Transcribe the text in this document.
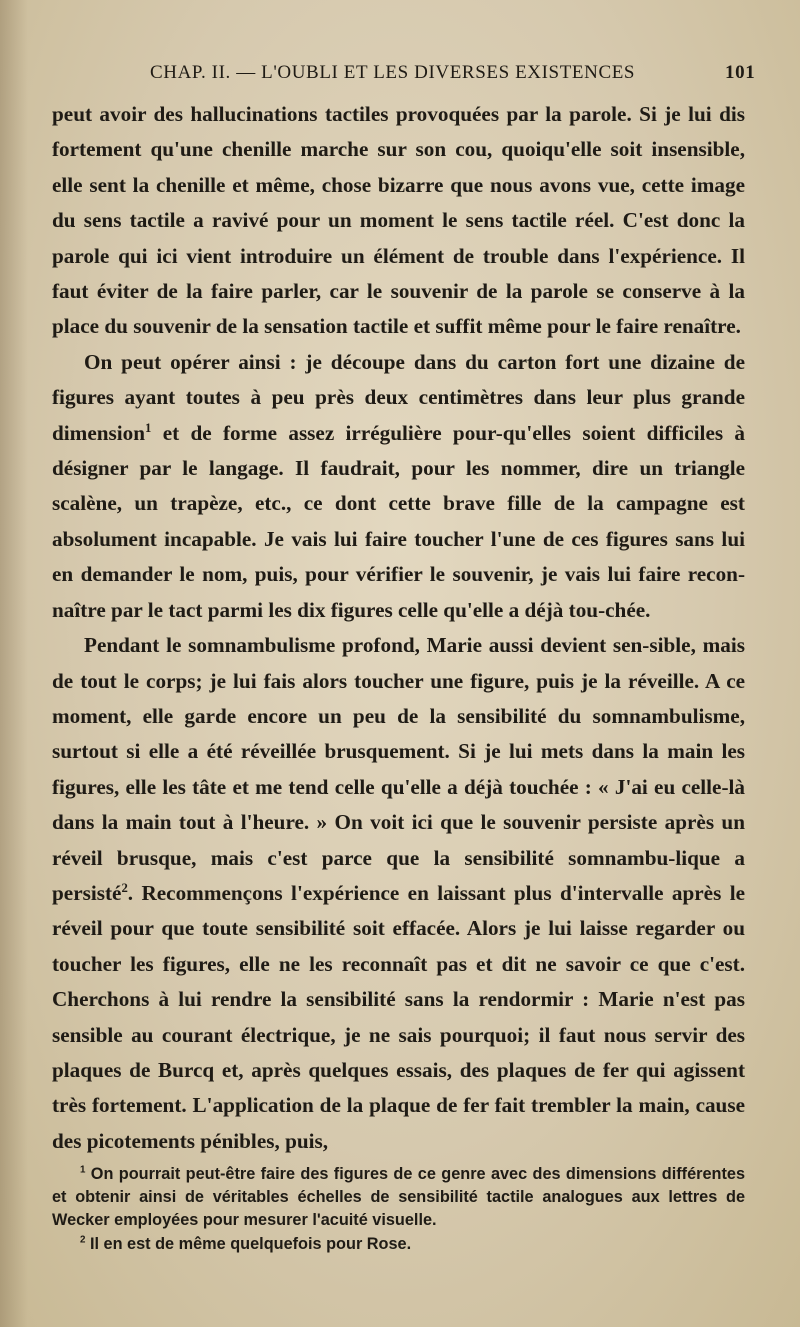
CHAP. II. — L'OUBLI ET LES DIVERSES EXISTENCES	101

peut avoir des hallucinations tactiles provoquées par la parole. Si je lui dis fortement qu'une chenille marche sur son cou, quoiqu'elle soit insensible, elle sent la chenille et même, chose bizarre que nous avons vue, cette image du sens tactile a ravivé pour un moment le sens tactile réel. C'est donc la parole qui ici vient introduire un élément de trouble dans l'expérience. Il faut éviter de la faire parler, car le souvenir de la parole se conserve à la place du souvenir de la sensation tactile et suffit même pour le faire renaître.

On peut opérer ainsi : je découpe dans du carton fort une dizaine de figures ayant toutes à peu près deux centimètres dans leur plus grande dimension$^1$ et de forme assez irrégulière pour-qu'elles soient difficiles à désigner par le langage. Il faudrait, pour les nommer, dire un triangle scalène, un trapèze, etc., ce dont cette brave fille de la campagne est absolument incapable. Je vais lui faire toucher l'une de ces figures sans lui en demander le nom, puis, pour vérifier le souvenir, je vais lui faire recon-naître par le tact parmi les dix figures celle qu'elle a déjà tou-chée.

Pendant le somnambulisme profond, Marie aussi devient sen-sible, mais de tout le corps; je lui fais alors toucher une figure, puis je la réveille. A ce moment, elle garde encore un peu de la sensibilité du somnambulisme, surtout si elle a été réveillée brusquement. Si je lui mets dans la main les figures, elle les tâte et me tend celle qu'elle a déjà touchée : « J'ai eu celle-là dans la main tout à l'heure. » On voit ici que le souvenir persiste après un réveil brusque, mais c'est parce que la sensibilité somnambu-lique a persisté$^2$. Recommençons l'expérience en laissant plus d'intervalle après le réveil pour que toute sensibilité soit effacée. Alors je lui laisse regarder ou toucher les figures, elle ne les reconnaît pas et dit ne savoir ce que c'est. Cherchons à lui rendre la sensibilité sans la rendormir : Marie n'est pas sensible au courant électrique, je ne sais pourquoi; il faut nous servir des plaques de Burcq et, après quelques essais, des plaques de fer qui agissent très fortement. L'application de la plaque de fer fait trembler la main, cause des picotements pénibles, puis,

$^1$ On pourrait peut-être faire des figures de ce genre avec des dimensions différentes et obtenir ainsi de véritables échelles de sensibilité tactile analogues aux lettres de Wecker employées pour mesurer l'acuité visuelle.

$^2$ Il en est de même quelquefois pour Rose.
